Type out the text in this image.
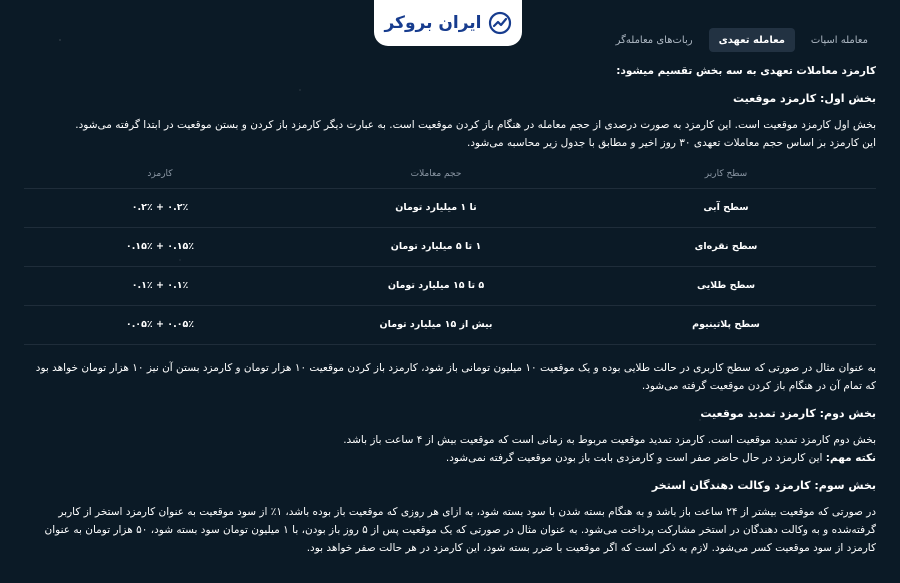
ایران بروکر
معامله اسپات
معامله تعهدی
ربات‌های معامله‌گر
کارمزد معاملات تعهدی به سه بخش تقسیم میشود:
بخش اول: کارمزد موقعیت
بخش اول کارمزد موقعیت است. این کارمزد به صورت درصدی از حجم معامله در هنگام باز کردن موقعیت است. به عبارت دیگر کارمزد باز کردن و بستن موقعیت در ابتدا گرفته می‌شود.
این کارمزد بر اساس حجم معاملات تعهدی ۳۰ روز اخیر و مطابق با جدول زیر محاسبه می‌شود.
سطح کاربر	حجم معاملات	کارمزد
سطح آبی	تا ۱ میلیارد تومان	۰.۲٪ + ۰.۲٪
سطح نقره‌ای	۱ تا ۵ میلیارد تومان	۰.۱۵٪ + ۰.۱۵٪
سطح طلایی	۵ تا ۱۵ میلیارد تومان	۰.۱٪ + ۰.۱٪
سطح پلاتینیوم	بیش از ۱۵ میلیارد تومان	۰.۰۵٪ + ۰.۰۵٪
به عنوان مثال در صورتی که سطح کاربری در حالت طلایی بوده و یک موقعیت ۱۰ میلیون تومانی باز شود، کارمزد باز کردن موقعیت ۱۰ هزار تومان و کارمزد بستن آن نیز ۱۰ هزار تومان خواهد بود که تمام آن در هنگام باز کردن موقعیت گرفته می‌شود.
بخش دوم: کارمزد تمدید موقعیت
بخش دوم کارمزد تمدید موقعیت است. کارمزد تمدید موقعیت مربوط به زمانی است که موقعیت بیش از ۴ ساعت باز باشد.
نکته مهم: این کارمزد در حال حاضر صفر است و کارمزدی بابت باز بودن موقعیت گرفته نمی‌شود.
بخش سوم: کارمزد وکالت دهندگان استخر
در صورتی که موقعیت بیشتر از ۲۴ ساعت باز باشد و به هنگام بسته شدن با سود بسته شود، به ازای هر روزی که موقعیت باز بوده باشد، ۱٪ از سود موقعیت به عنوان کارمزد استخر از کاربر گرفته‌شده و به وکالت دهندگان در استخر مشارکت پرداخت می‌شود. به عنوان مثال در صورتی که یک موقعیت پس از ۵ روز باز بودن، با ۱ میلیون تومان سود بسته شود، ۵۰ هزار تومان به عنوان کارمزد از سود موقعیت کسر می‌شود. لازم به ذکر است که اگر موقعیت با ضرر بسته شود، این کارمزد در هر حالت صفر خواهد بود.
